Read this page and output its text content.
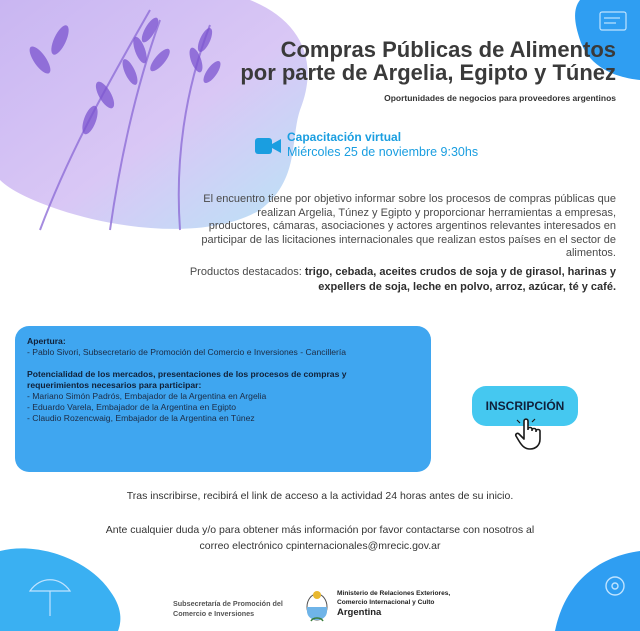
Compras Públicas de Alimentos
por parte de Argelia, Egipto y Túnez
Oportunidades de negocios para proveedores argentinos
Capacitación virtual
Miércoles 25 de noviembre 9:30hs
El encuentro tiene por objetivo informar sobre los procesos de compras públicas que realizan Argelia, Túnez y Egipto y proporcionar herramientas a empresas, productores, cámaras, asociaciones y actores argentinos relevantes interesados en participar de las licitaciones internacionales que realizan estos países en el sector de alimentos.
Productos destacados: trigo, cebada, aceites crudos de soja y de girasol, harinas y expellers de soja, leche en polvo, arroz, azúcar, té y café.
Apertura:
- Pablo Sivori, Subsecretario de Promoción del Comercio e Inversiones - Cancillería
Potencialidad de los mercados, presentaciones de los procesos de compras y
requerimientos necesarios para participar:
- Mariano Simón Padrós, Embajador de la Argentina en Argelia
- Eduardo Varela, Embajador de la Argentina en Egipto
- Claudio Rozencwaig, Embajador de la Argentina en Túnez
INSCRIPCIÓN
Tras inscribirse, recibirá el link de acceso a la actividad 24 horas antes de su inicio.
Ante cualquier duda y/o para obtener más información por favor contactarse con nosotros al
correo electrónico cpinternacionales@mrecic.gov.ar
Subsecretaría de Promoción del
Comercio e Inversiones
Ministerio de Relaciones Exteriores,
Comercio Internacional y Culto
Argentina
